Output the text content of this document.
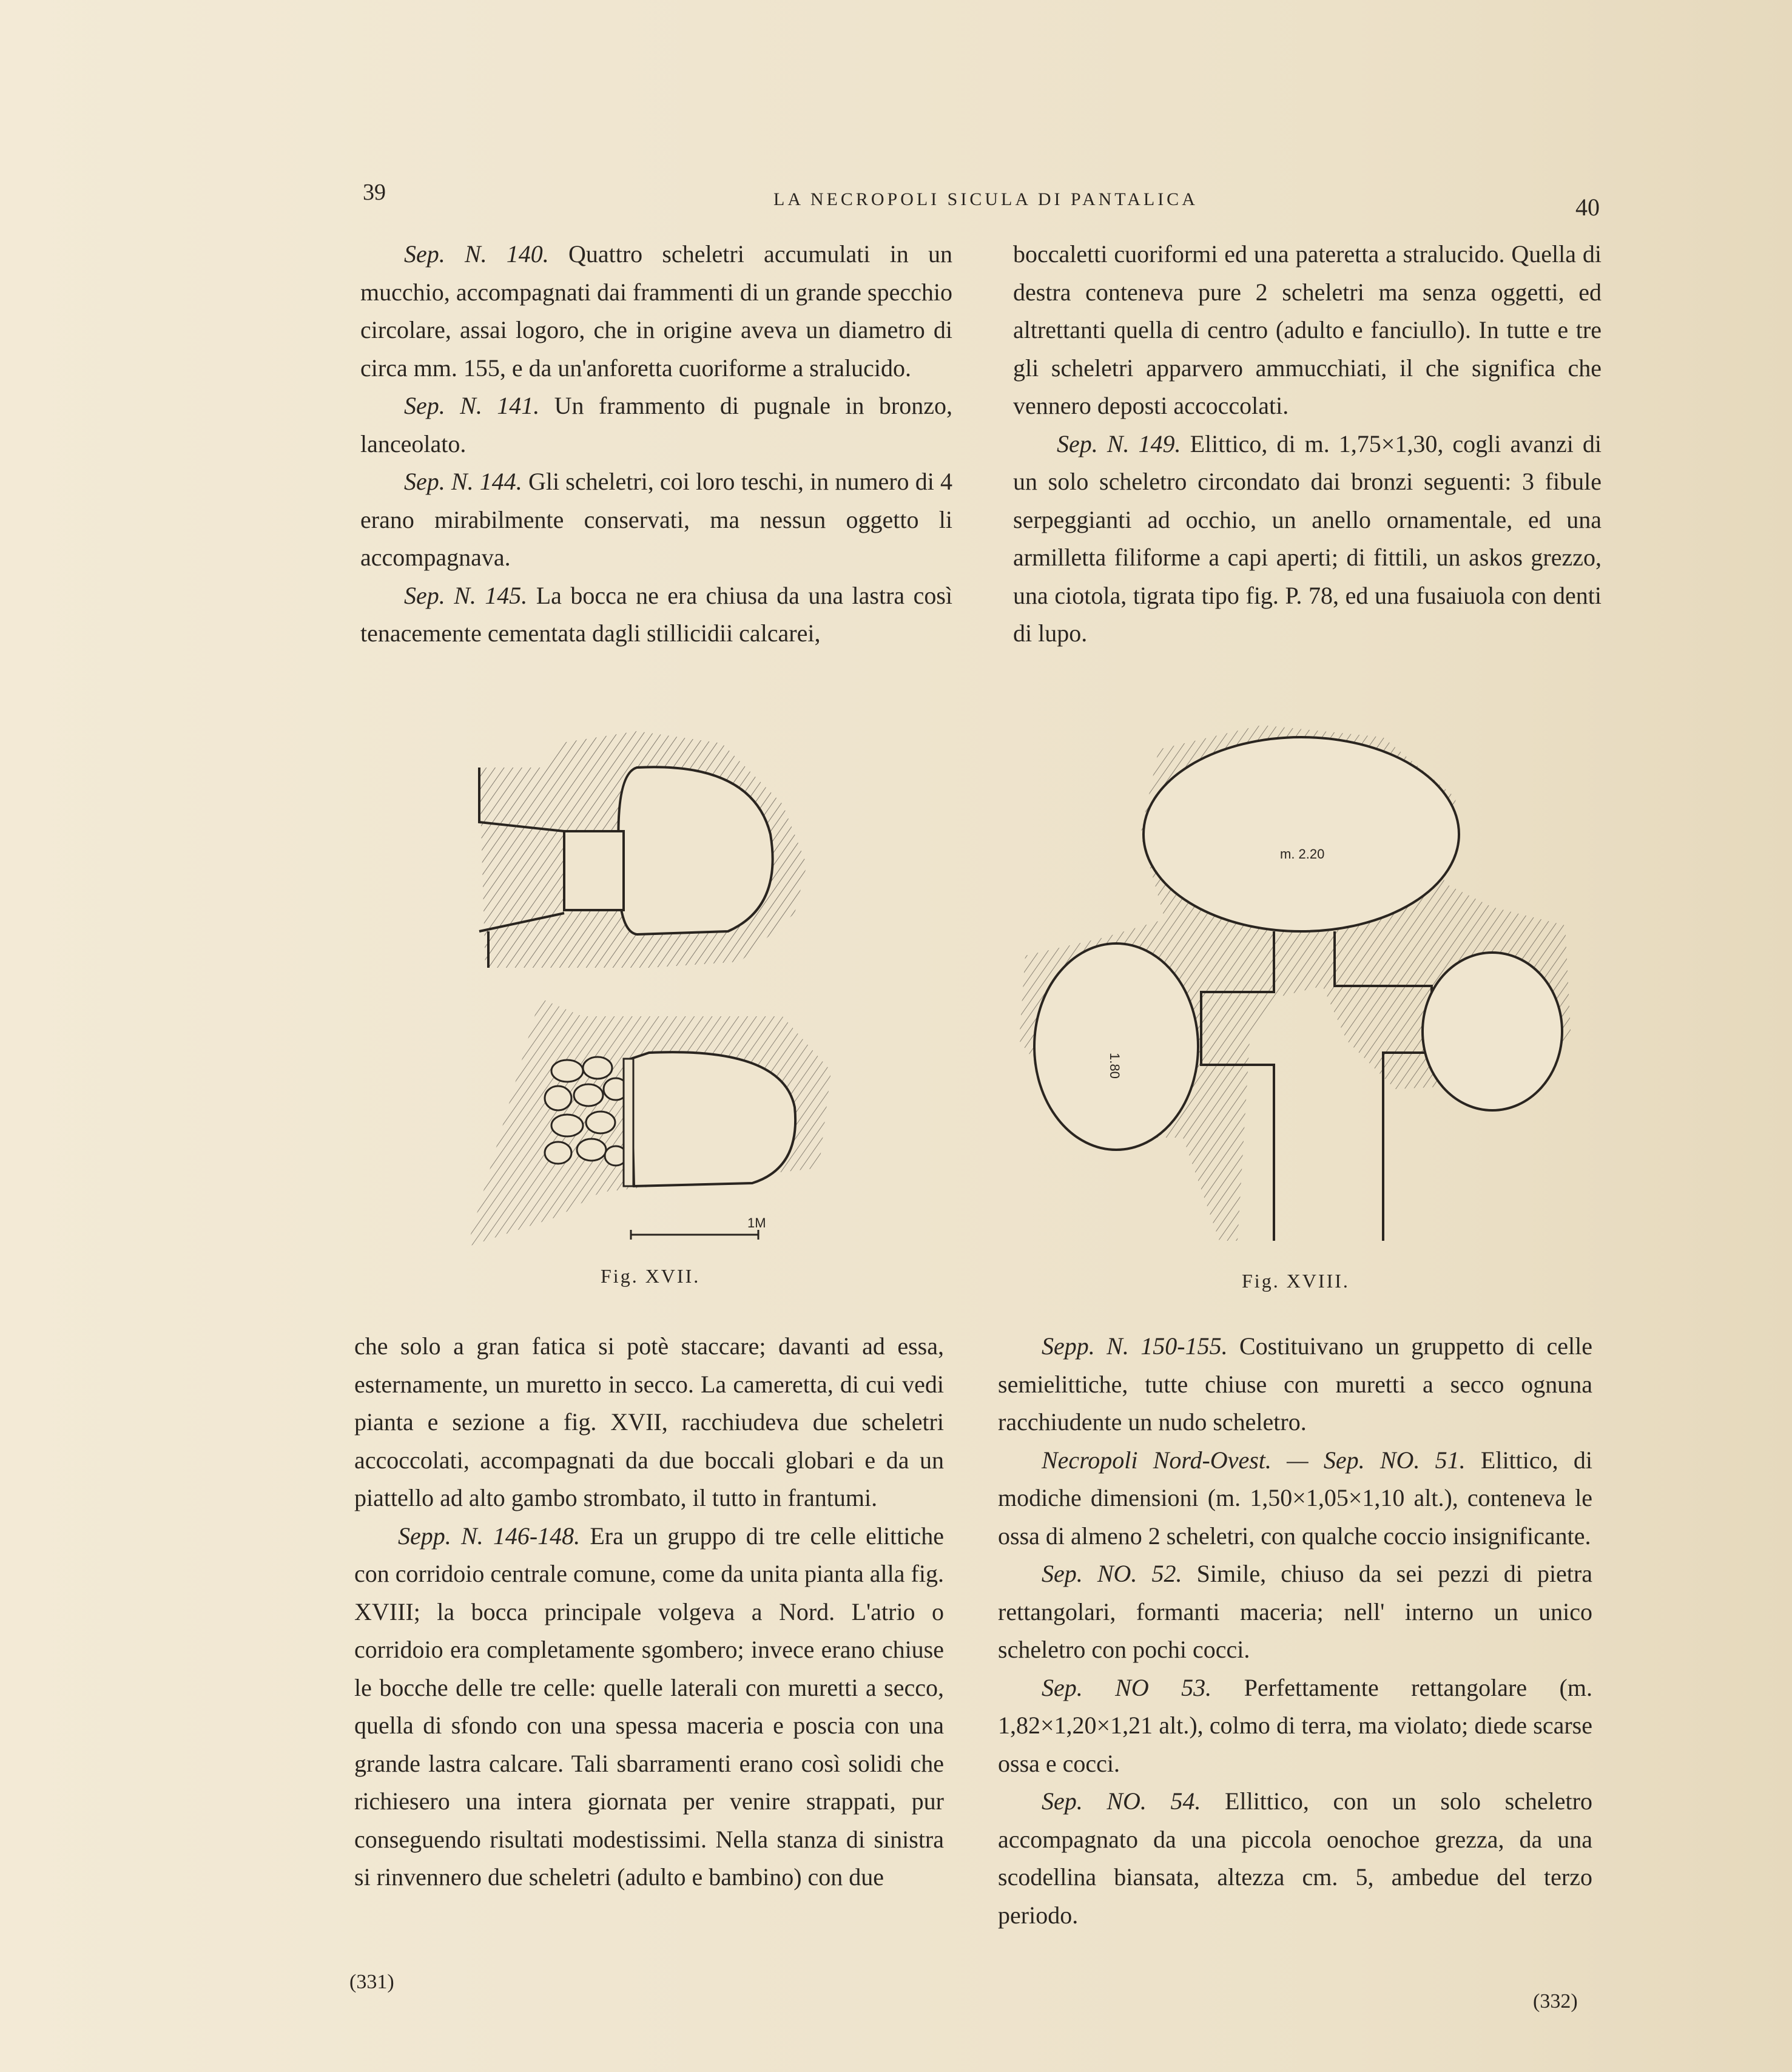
39	LA NECROPOLI SICULA DI PANTALICA	40

Sep. N. 140. Quattro scheletri accumulati in un mucchio, accompagnati dai frammenti di un grande specchio circolare, assai logoro, che in origine aveva un diametro di circa mm. 155, e da un'anforetta cuoriforme a stralucido.

Sep. N. 141. Un frammento di pugnale in bronzo, lanceolato.

Sep. N. 144. Gli scheletri, coi loro teschi, in numero di 4 erano mirabilmente conservati, ma nessun oggetto li accompagnava.

Sep. N. 145. La bocca ne era chiusa da una lastra così tenacemente cementata dagli stillicidii calcarei,

boccaletti cuoriformi ed una pateretta a stralucido. Quella di destra conteneva pure 2 scheletri ma senza oggetti, ed altrettanti quella di centro (adulto e fanciullo). In tutte e tre gli scheletri apparvero ammucchiati, il che significa che vennero deposti accoccolati.

Sep. N. 149. Elittico, di m. 1,75×1,30, cogli avanzi di un solo scheletro circondato dai bronzi seguenti: 3 fibule serpeggianti ad occhio, un anello ornamentale, ed una armilletta filiforme a capi aperti; di fittili, un askos grezzo, una ciotola, tigrata tipo fig. P. 78, ed una fusaiuola con denti di lupo.

1M
Fig. XVII.
m. 2.20
1.80
Fig. XVIII.

che solo a gran fatica si potè staccare; davanti ad essa, esternamente, un muretto in secco. La cameretta, di cui vedi pianta e sezione a fig. XVII, racchiudeva due scheletri accoccolati, accompagnati da due boccali globari e da un piattello ad alto gambo strombato, il tutto in frantumi.

Sepp. N. 146-148. Era un gruppo di tre celle elittiche con corridoio centrale comune, come da unita pianta alla fig. XVIII; la bocca principale volgeva a Nord. L'atrio o corridoio era completamente sgombero; invece erano chiuse le bocche delle tre celle: quelle laterali con muretti a secco, quella di sfondo con una spessa maceria e poscia con una grande lastra calcare. Tali sbarramenti erano così solidi che richiesero una intera giornata per venire strappati, pur conseguendo risultati modestissimi. Nella stanza di sinistra si rinvennero due scheletri (adulto e bambino) con due

Sepp. N. 150-155. Costituivano un gruppetto di celle semielittiche, tutte chiuse con muretti a secco ognuna racchiudente un nudo scheletro.

Necropoli Nord-Ovest. — Sep. NO. 51. Elittico, di modiche dimensioni (m. 1,50×1,05×1,10 alt.), conteneva le ossa di almeno 2 scheletri, con qualche coccio insignificante.

Sep. NO. 52. Simile, chiuso da sei pezzi di pietra rettangolari, formanti maceria; nell' interno un unico scheletro con pochi cocci.

Sep. NO 53. Perfettamente rettangolare (m. 1,82×1,20×1,21 alt.), colmo di terra, ma violato; diede scarse ossa e cocci.

Sep. NO. 54. Ellittico, con un solo scheletro accompagnato da una piccola oenochoe grezza, da una scodellina biansata, altezza cm. 5, ambedue del terzo periodo.

(331)
(332)
